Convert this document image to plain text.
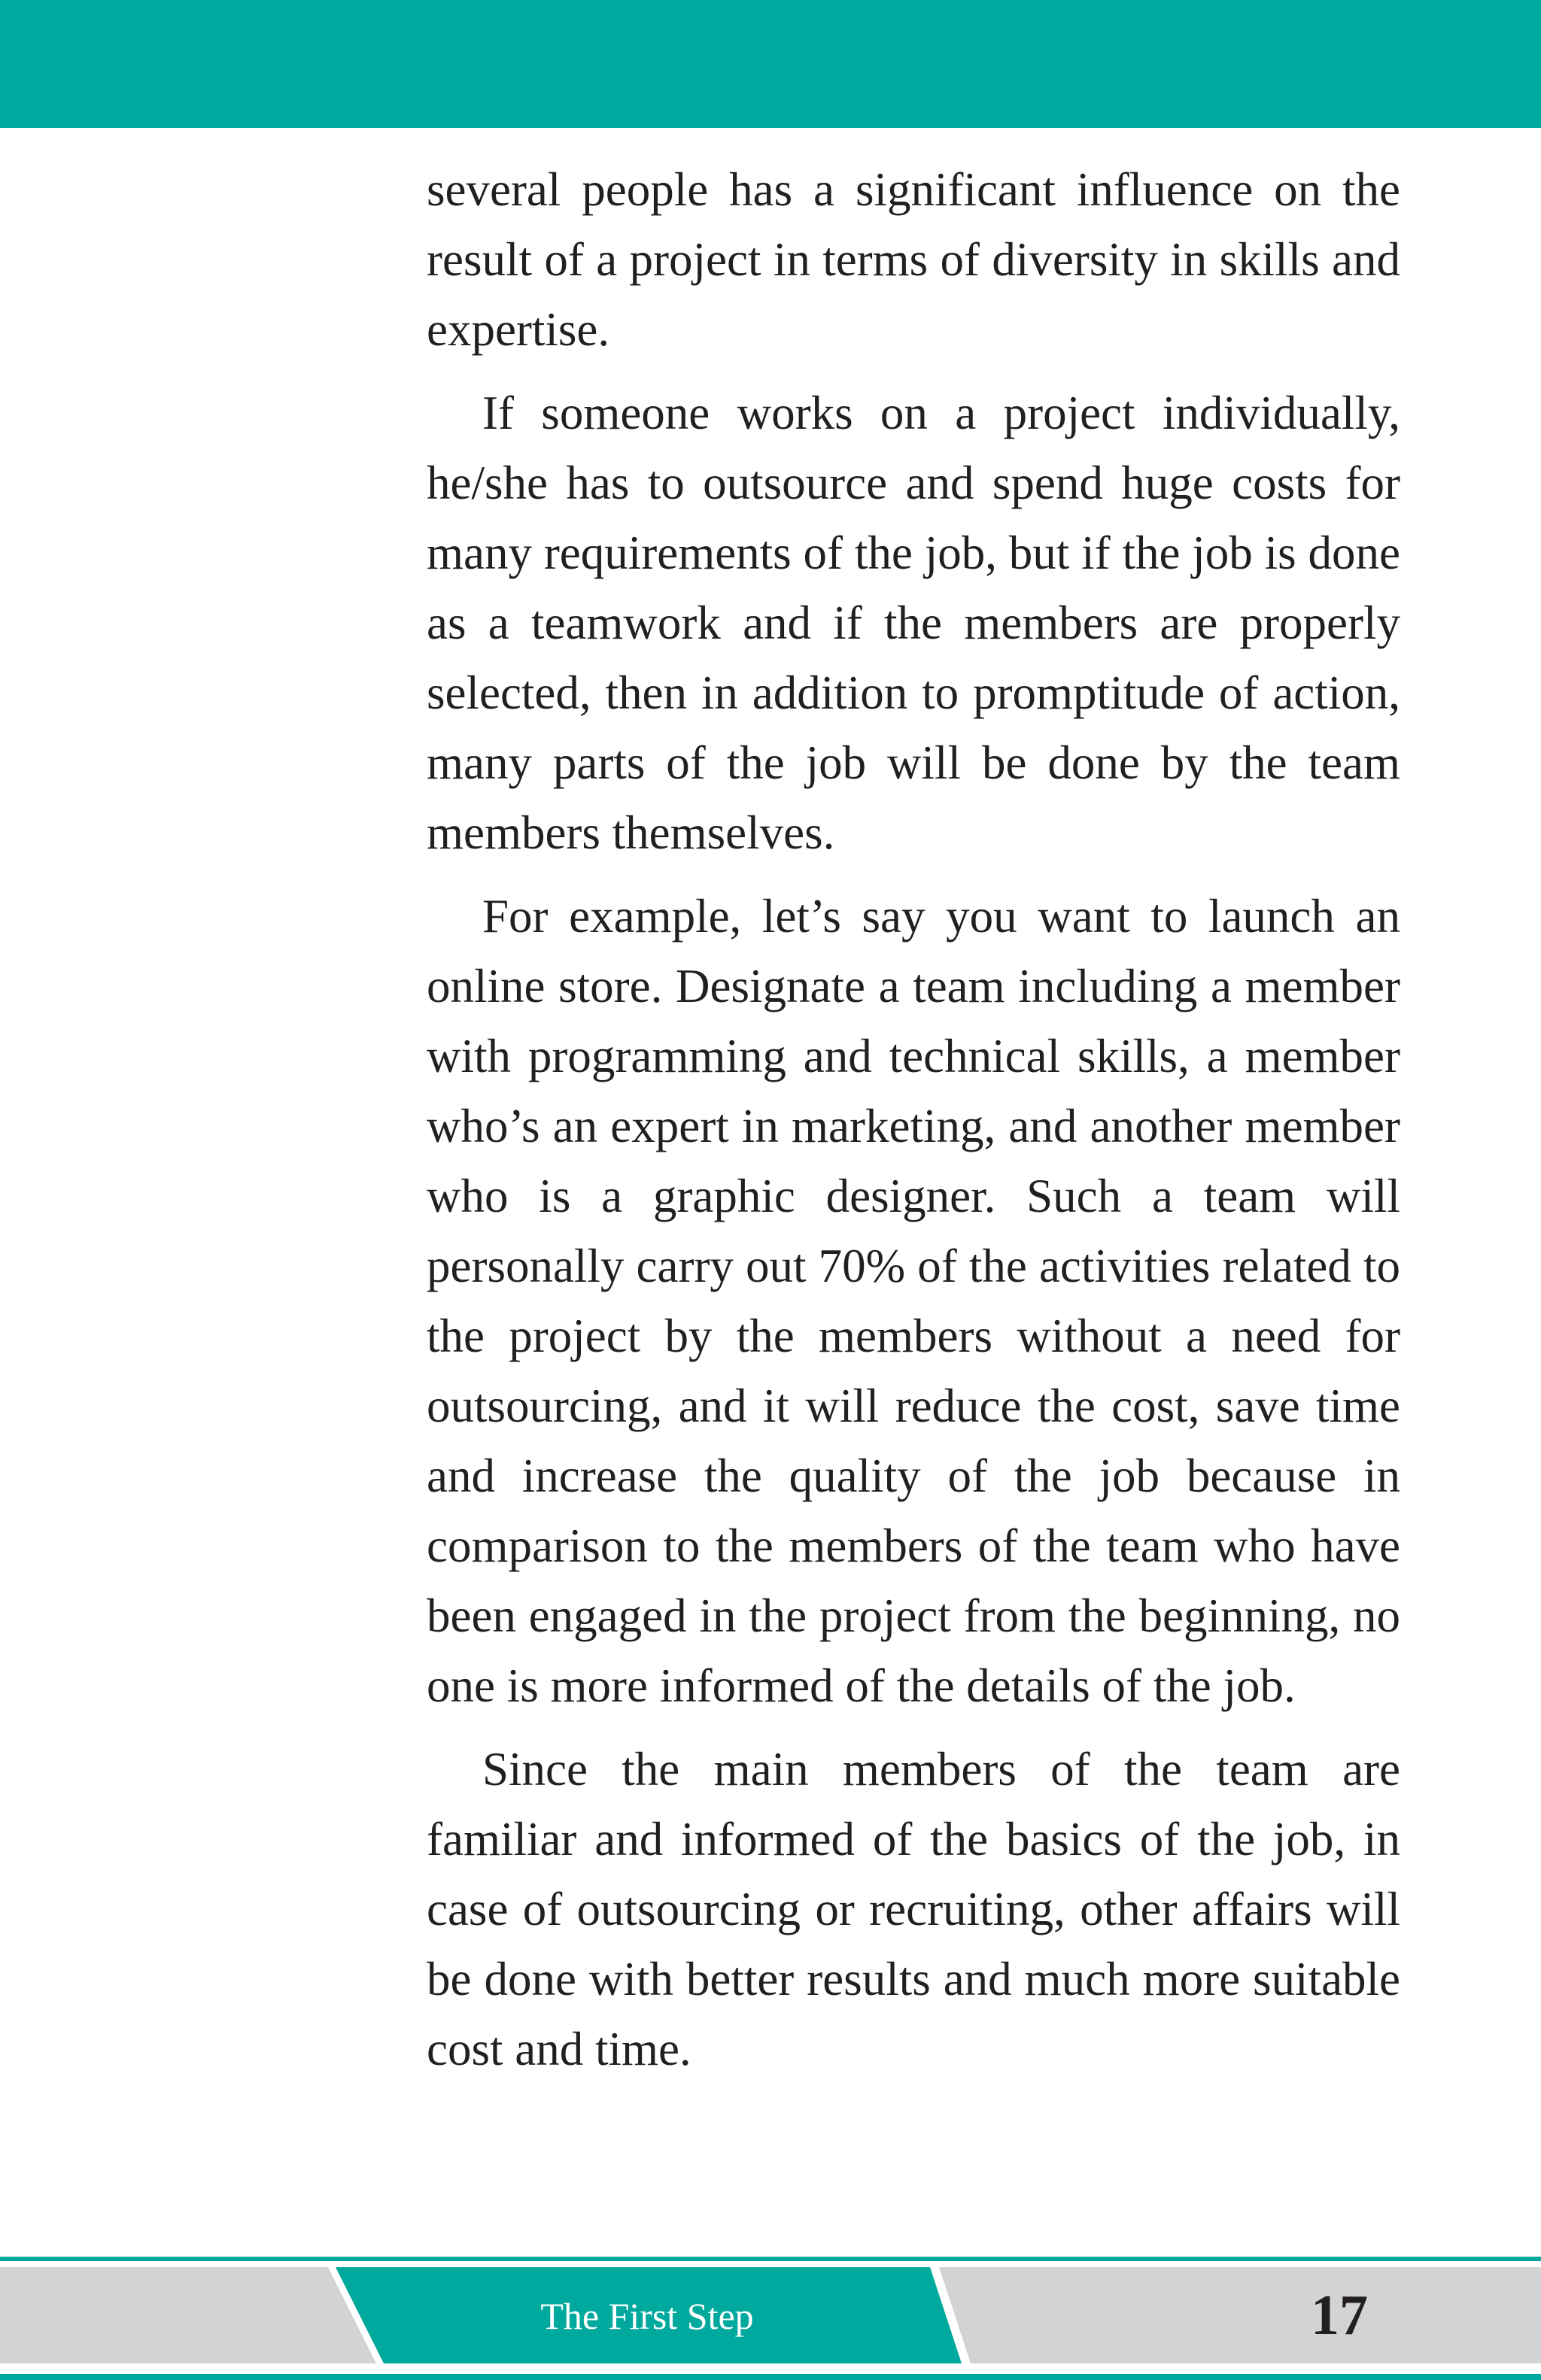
several people has a significant influence on the result of a project in terms of diversity in skills and expertise.

If someone works on a project individually, he/she has to outsource and spend huge costs for many requirements of the job, but if the job is done as a teamwork and if the members are properly selected, then in addition to promptitude of action, many parts of the job will be done by the team members themselves.

For example, let’s say you want to launch an online store. Designate a team including a member with programming and technical skills, a member who’s an expert in marketing, and another member who is a graphic designer. Such a team will personally carry out 70% of the activities related to the project by the members without a need for outsourcing, and it will reduce the cost, save time and increase the quality of the job because in comparison to the members of the team who have been engaged in the project from the beginning, no one is more informed of the details of the job.

Since the main members of the team are familiar and informed of the basics of the job, in case of outsourcing or recruiting, other affairs will be done with better results and much more suitable cost and time.

The First Step	17
